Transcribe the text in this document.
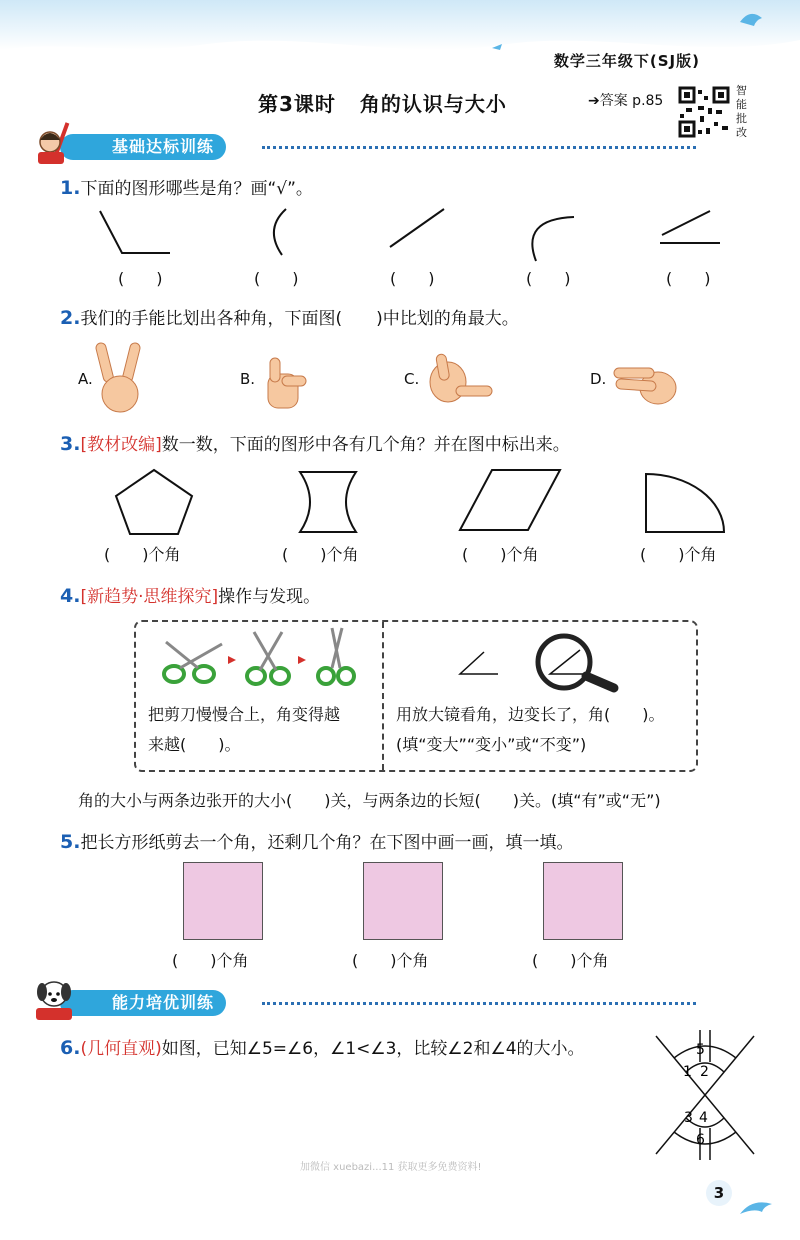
数学三年级下(SJ版)
第3课时 角的认识与大小	➔答案 p.85
智
能
批
改
基础达标训练
1.下面的图形哪些是角？画“√”。
(　　)	(　　)	(　　)	(　　)	(　　)
2.我们的手能比划出各种角，下面图(　　)中比划的角最大。
A.	B.	C.	D.
3.[教材改编]数一数，下面的图形中各有几个角？并在图中标出来。
(　　)个角	(　　)个角	(　　)个角	(　　)个角
4.[新趋势·思维探究]操作与发现。
把剪刀慢慢合上，角变得越
来越(　　)。
用放大镜看角，边变长了，角(　　)。
(填“变大”“变小”或“不变”)
角的大小与两条边张开的大小(　　)关，与两条边的长短(　　)关。(填“有”或“无”)
5.把长方形纸剪去一个角，还剩几个角？在下图中画一画，填一填。
(　　)个角	(　　)个角	(　　)个角
能力培优训练
6.(几何直观)如图，已知∠5=∠6，∠1<∠3，比较∠2和∠4的大小。	5
1 2
3 4
6
加微信 xuebazi...11 获取更多免费资料!
3
